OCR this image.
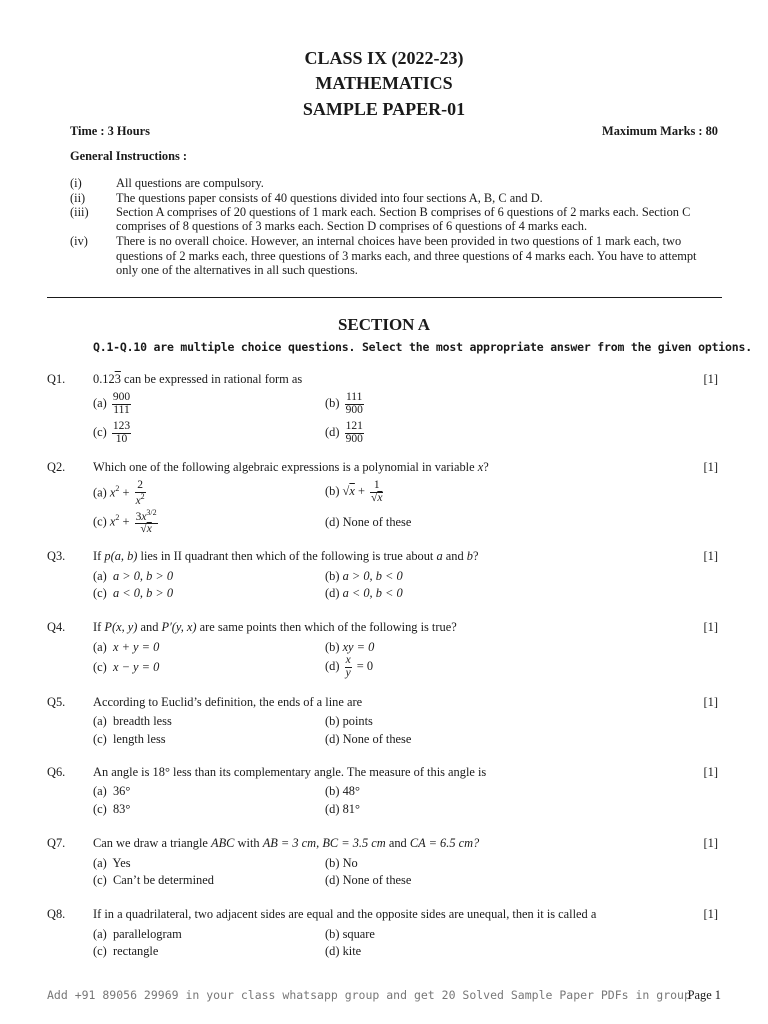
CLASS IX (2022-23)
MATHEMATICS
SAMPLE PAPER-01
Time : 3 Hours	Maximum Marks : 80
General Instructions :
(i)	All questions are compulsory.
(ii) The questions paper consists of 40 questions divided into four sections A, B, C and D.
(iii) Section A comprises of 20 questions of 1 mark each. Section B comprises of 6 questions of 2 marks each. Section C
comprises of 8 questions of 3 marks each. Section D comprises of 6 questions of 4 marks each.
(iv) There is no overall choice. However, an internal choices have been provided in two questions of 1 mark each, two
questions of 2 marks each, three questions of 3 marks each, and three questions of 4 marks each. You have to attempt
only one of the alternatives in all such questions.
SECTION A
Q.1-Q.10 are multiple choice questions. Select the most appropriate answer from the given options.
Q1. 0.123 can be expressed in rational form as	[1]
$(a) \frac{900}{111}$	$(b) \frac{111}{900}$
$(c) \frac{123}{10}$	$(d) \frac{121}{900}$
Q2. Which one of the following algebraic expressions is a polynomial in variable x?	[1]
(a) $x^2 + \frac{2}{x^2}$	(b) $√x + \frac{1}{√x}$
(c) $x^2 + \frac{3x^{3/2}}{√x}$	(d) None of these
Q3. If p(a, b) lies in II quadrant then which of the following is true about a and b?	[1]
(a) a > 0, b > 0	(b) a > 0, b < 0
(c) a < 0, b > 0	(d) a < 0, b < 0
Q4. If P(x, y) and P′(y, x) are same points then which of the following is true?	[1]
(a) x + y = 0	(b) xy = 0
(c) x − y = 0	$(d) \frac{x}{y} = 0$
Q5. According to Euclid’s definition, the ends of a line are	[1]
(a) breadth less	(b) points
(c) length less	(d) None of these
Q6. An angle is 18° less than its complementary angle. The measure of this angle is	[1]
(a) 36°	(b) 48°
(c) 83°	(d) 81°
Q7. Can we draw a triangle ABC with AB = 3 cm, BC = 3.5 cm and CA = 6.5 cm?	[1]
(a) Yes	(b) No
(c) Can’t be determined	(d) None of these
Q8. If in a quadrilateral, two adjacent sides are equal and the opposite sides are unequal, then it is called a	[1]
(a) parallelogram	(b) square
(c) rectangle	(d) kite
Add +91 89056 29969 in your class whatsapp group and get 20 Solved Sample Paper PDFs in group
Page 1
